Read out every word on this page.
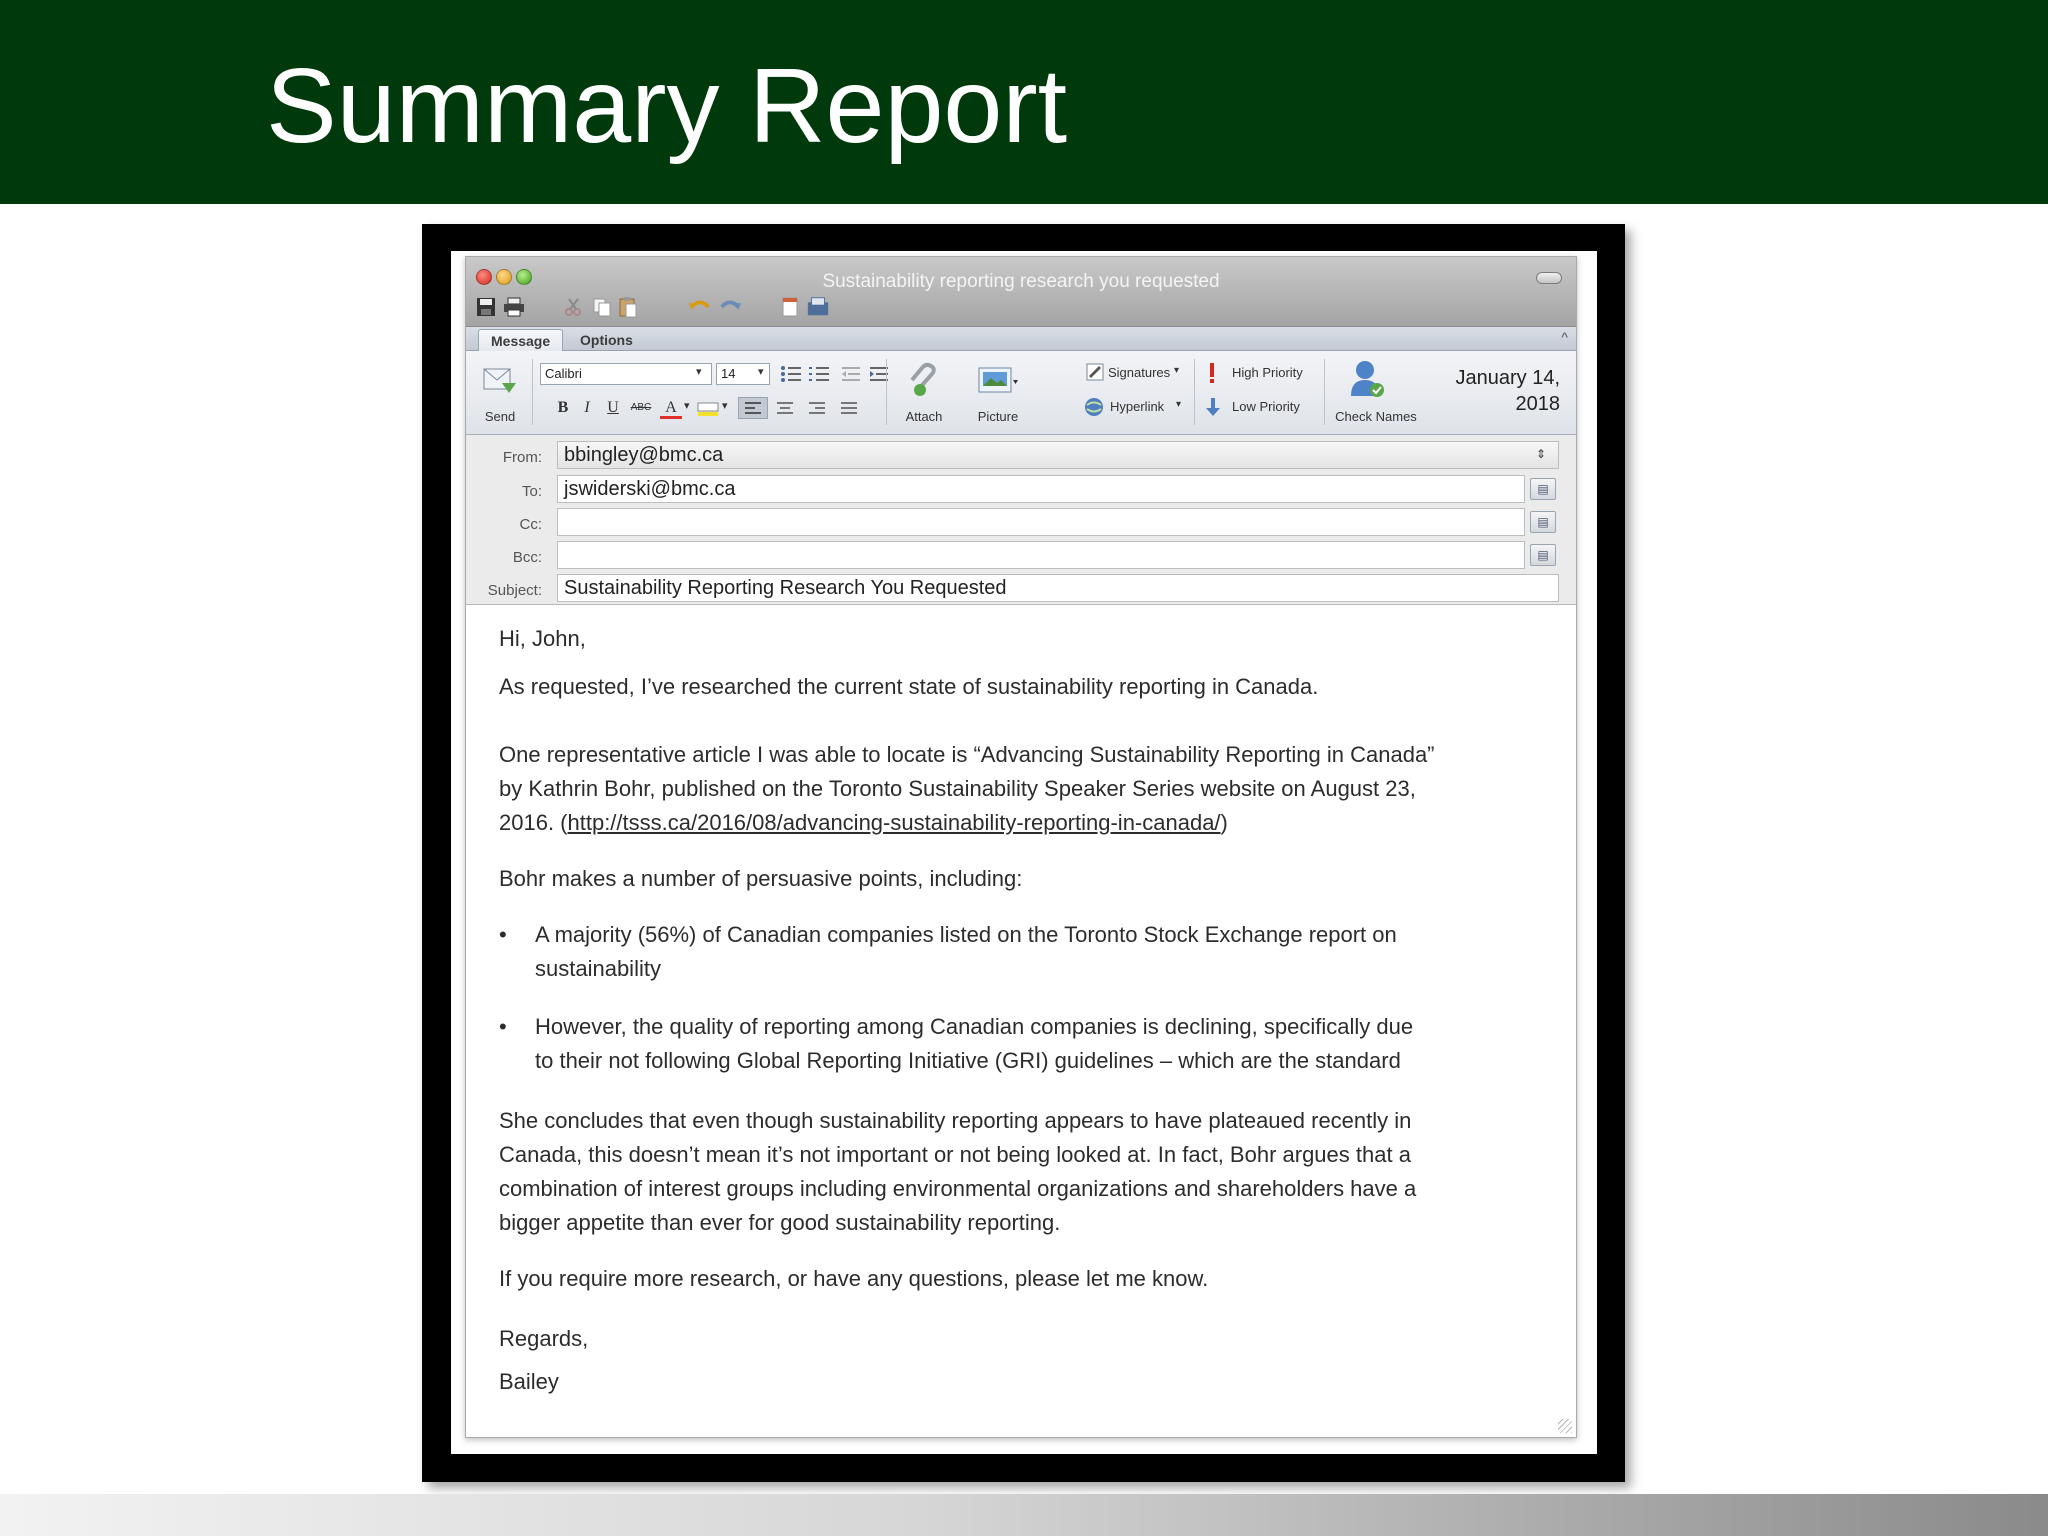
Summary Report
Sustainability reporting research you requested
Message	Options	^
Send
Calibri	▾	14	▾
B	I	U	ABC A ▾	▾
Attach	Picture
Signatures ▾
Hyperlink ▾
High Priority
Low Priority
Check Names
January 14,
2018
From:	bbingley@bmc.ca	⇕
To:	jswiderski@bmc.ca	▤
Cc:	▤
Bcc:	▤
Subject:	Sustainability Reporting Research You Requested
Hi, John,
As requested, I’ve researched the current state of sustainability reporting in Canada.
One representative article I was able to locate is “Advancing Sustainability Reporting in Canada”
by Kathrin Bohr, published on the Toronto Sustainability Speaker Series website on August 23,
2016. (http://tsss.ca/2016/08/advancing-sustainability-reporting-in-canada/)
Bohr makes a number of persuasive points, including:
• A majority (56%) of Canadian companies listed on the Toronto Stock Exchange report on
sustainability
• However, the quality of reporting among Canadian companies is declining, specifically due
to their not following Global Reporting Initiative (GRI) guidelines – which are the standard
She concludes that even though sustainability reporting appears to have plateaued recently in
Canada, this doesn’t mean it’s not important or not being looked at. In fact, Bohr argues that a
combination of interest groups including environmental organizations and shareholders have a
bigger appetite than ever for good sustainability reporting.
If you require more research, or have any questions, please let me know.
Regards,
Bailey
